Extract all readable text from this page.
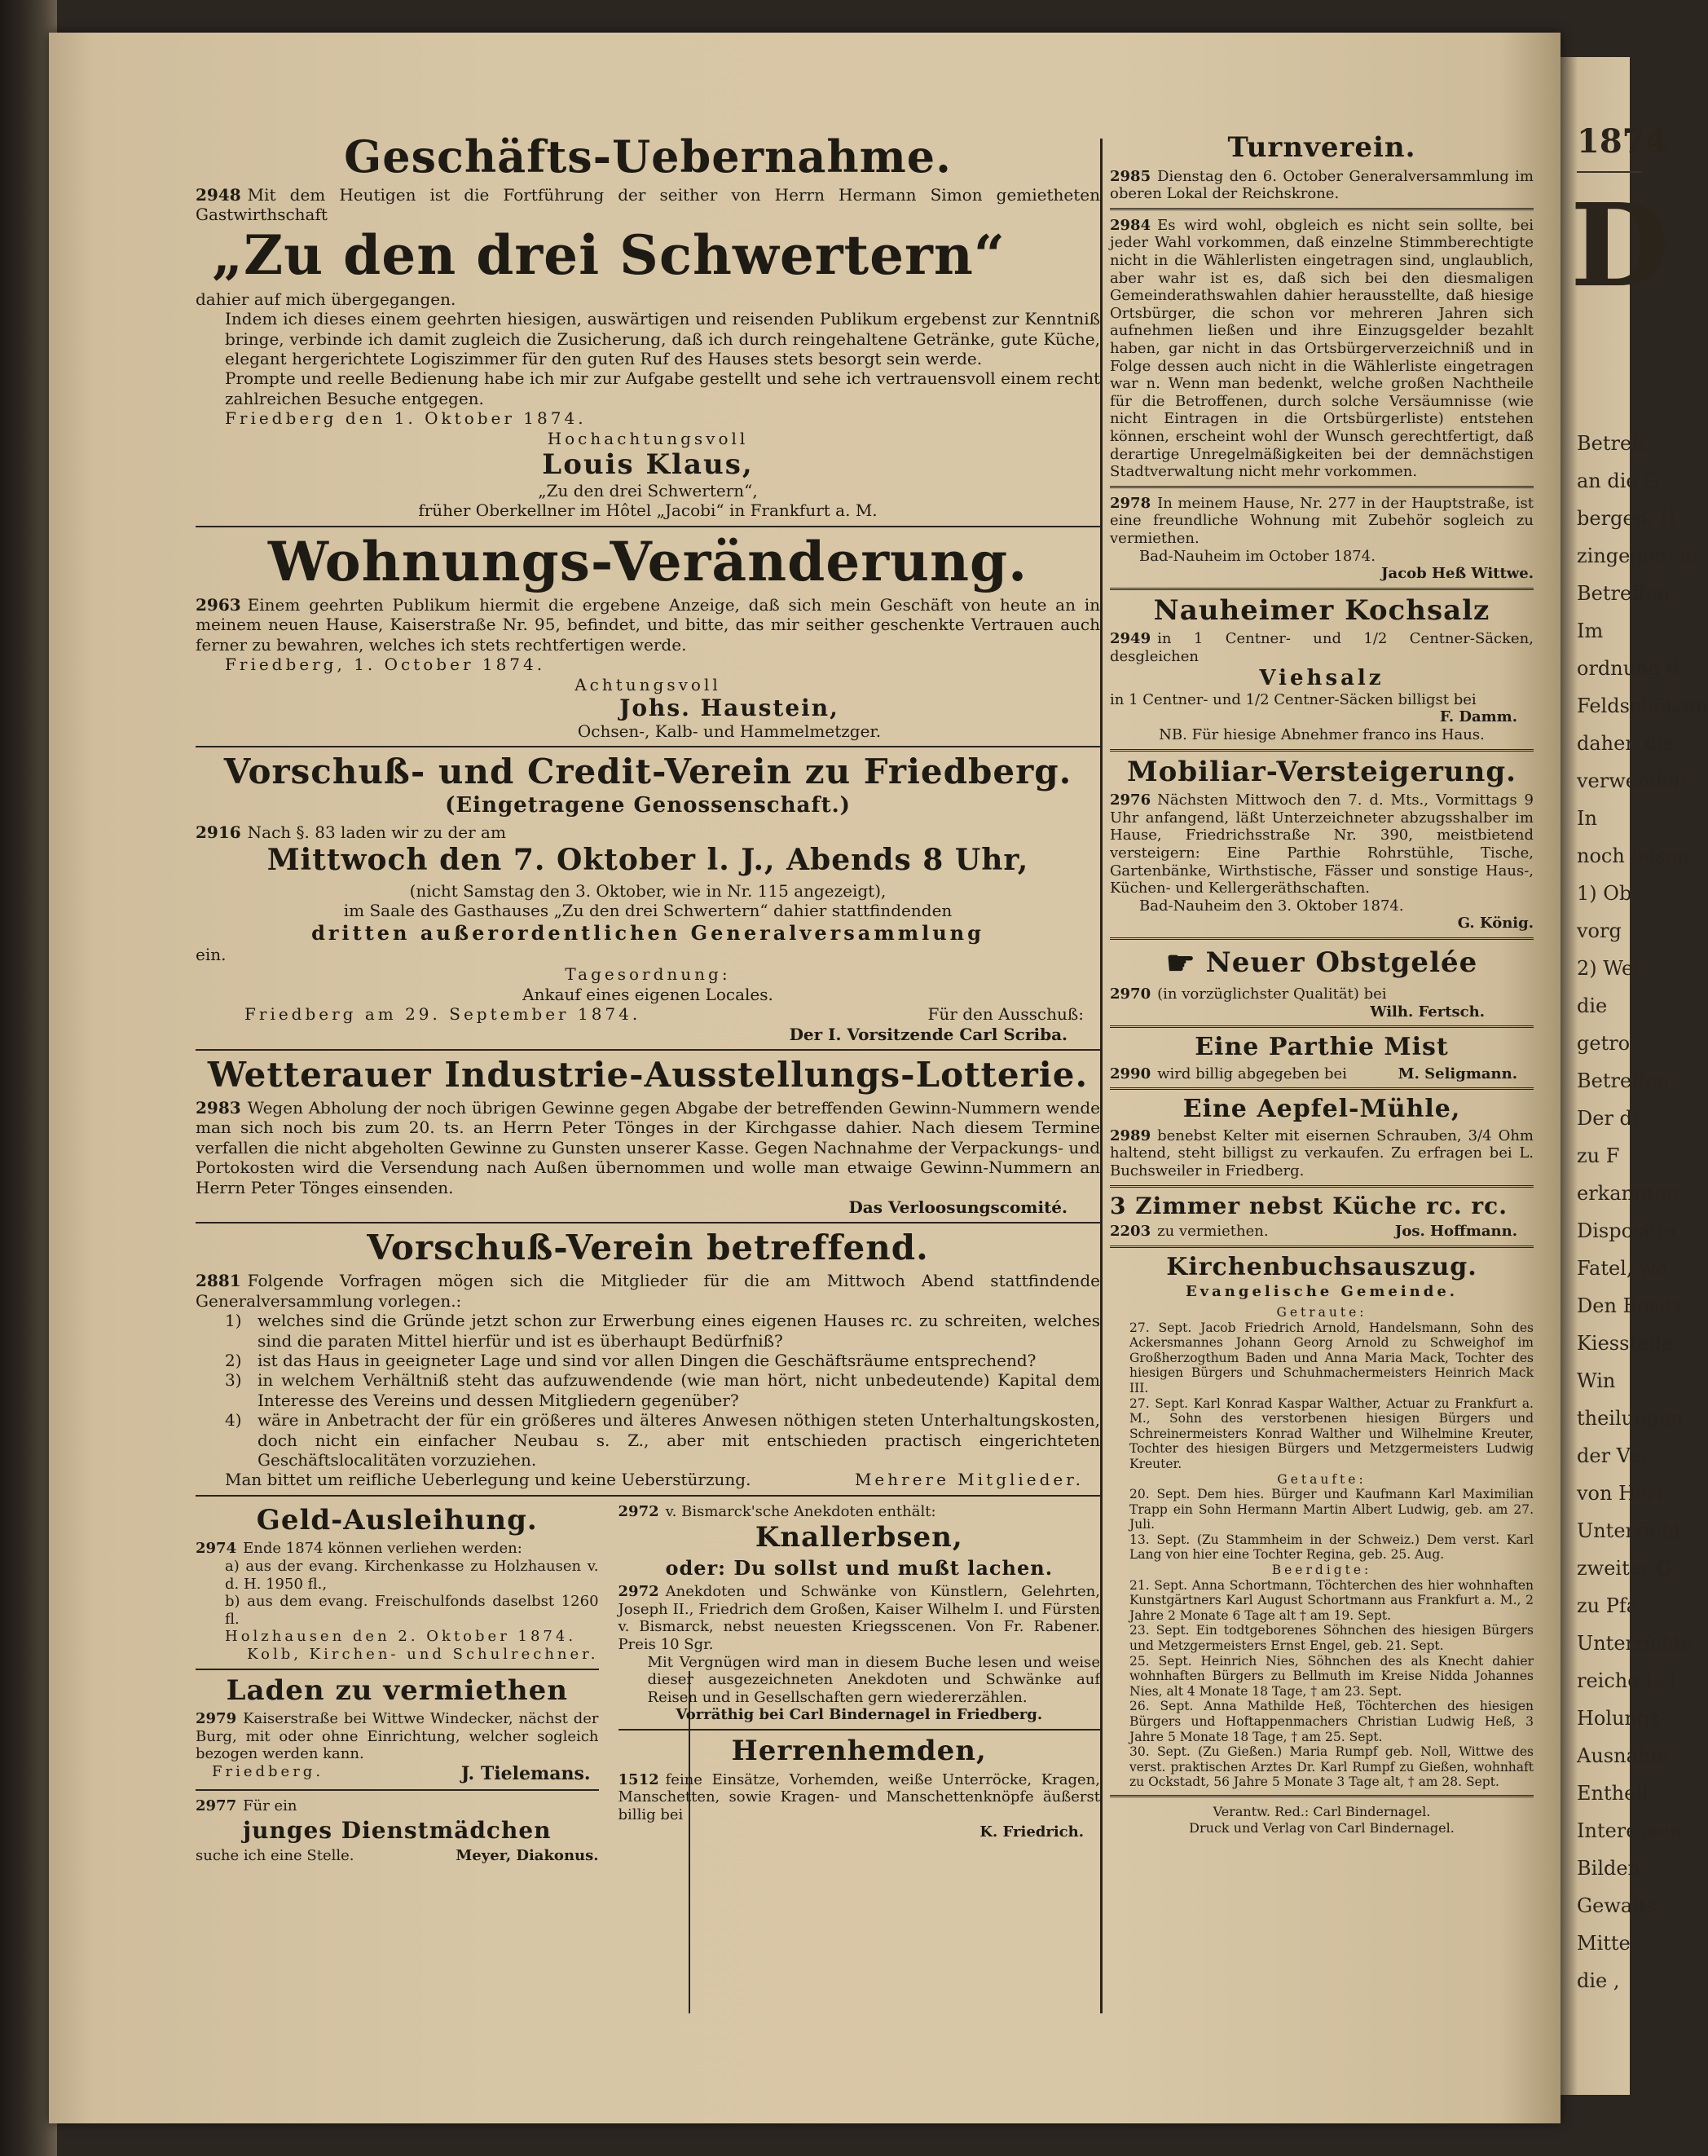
1874
D
Betreff
an die G
bergen, H
zingegen, m
Betreffen
Im
ordnung d
Feldschützen
daher, die
verwenden
In
noch beson
1) Ob
vorg
2) Wel
die
getro
Betreffen
Der di
zu F
erkannten
Dispositio
Fatel, we
Den Besitz
Kiessteile
Win
theilungen
der Ver
von Herr
Unterricht
zweiter G
zu Pfa
Unterrichts
reiche Lei
Holungs-
Ausnahm
Entheil
Interessen
Bilden
Gewalts
Mitte
die ,
Geschäfts-Uebernahme.

2948 Mit dem Heutigen ist die Fortführung der seither von Herrn Hermann Simon gemietheten Gastwirthschaft

„Zu den drei Schwertern“

dahier auf mich übergegangen.

Indem ich dieses einem geehrten hiesigen, auswärtigen und reisenden Publikum ergebenst zur Kenntniß bringe, verbinde ich damit zugleich die Zusicherung, daß ich durch reingehaltene Getränke, gute Küche, elegant hergerichtete Logiszimmer für den guten Ruf des Hauses stets besorgt sein werde.

Prompte und reelle Bedienung habe ich mir zur Aufgabe gestellt und sehe ich vertrauensvoll einem recht zahlreichen Besuche entgegen.

Friedberg den 1. Oktober 1874.

Hochachtungsvoll

Louis Klaus,

„Zu den drei Schwertern“,

früher Oberkellner im Hôtel „Jacobi“ in Frankfurt a. M.

Wohnungs-Veränderung.

2963 Einem geehrten Publikum hiermit die ergebene Anzeige, daß sich mein Geschäft von heute an in meinem neuen Hause, Kaiserstraße Nr. 95, befindet, und bitte, das mir seither geschenkte Vertrauen auch ferner zu bewahren, welches ich stets rechtfertigen werde.

Friedberg, 1. October 1874.

Achtungsvoll

Johs. Haustein,
Ochsen-, Kalb- und Hammelmetzger.
Vorschuß- und Credit-Verein zu Friedberg.
(Eingetragene Genossenschaft.)

2916 Nach §. 83 laden wir zu der am

Mittwoch den 7. Oktober l. J., Abends 8 Uhr,

(nicht Samstag den 3. Oktober, wie in Nr. 115 angezeigt),

im Saale des Gasthauses „Zu den drei Schwertern“ dahier stattfindenden

dritten außerordentlichen Generalversammlung

ein.

Tagesordnung:

Ankauf eines eigenen Locales.

Friedberg am 29. September 1874.	Für den Ausschuß:

Der I. Vorsitzende Carl Scriba.

Wetterauer Industrie-Ausstellungs-Lotterie.

2983 Wegen Abholung der noch übrigen Gewinne gegen Abgabe der betreffenden Gewinn-Nummern wende man sich noch bis zum 20. ts. an Herrn Peter Tönges in der Kirchgasse dahier. Nach diesem Termine verfallen die nicht abgeholten Gewinne zu Gunsten unserer Kasse. Gegen Nachnahme der Verpackungs- und Portokosten wird die Versendung nach Außen übernommen und wolle man etwaige Gewinn-Nummern an Herrn Peter Tönges einsenden.

Das Verloosungscomité.

Vorschuß-Verein betreffend.

2881 Folgende Vorfragen mögen sich die Mitglieder für die am Mittwoch Abend stattfindende Generalversammlung vorlegen.:

1) welches sind die Gründe jetzt schon zur Erwerbung eines eigenen Hauses rc. zu schreiten, welches sind die paraten Mittel hierfür und ist es überhaupt Bedürfniß?
2) ist das Haus in geeigneter Lage und sind vor allen Dingen die Geschäftsräume entsprechend?
3) in welchem Verhältniß steht das aufzuwendende (wie man hört, nicht unbedeutende) Kapital dem Interesse des Vereins und dessen Mitgliedern gegenüber?
4) wäre in Anbetracht der für ein größeres und älteres Anwesen nöthigen steten Unterhaltungskosten, doch nicht ein einfacher Neubau s. Z., aber mit entschieden practisch eingerichteten Geschäftslocalitäten vorzuziehen.

Man bittet um reifliche Ueberlegung und keine Ueberstürzung.	Mehrere Mitglieder.

Geld-Ausleihung.

2974 Ende 1874 können verliehen werden:

a) aus der evang. Kirchenkasse zu Holzhausen v. d. H. 1950 fl.,

b) aus dem evang. Freischulfonds daselbst 1260 fl.

Holzhausen den 2. Oktober 1874.

Kolb, Kirchen- und Schulrechner.

Laden zu vermiethen

2979 Kaiserstraße bei Wittwe Windecker, nächst der Burg, mit oder ohne Einrichtung, welcher sogleich bezogen werden kann.

Friedberg.	J. Tielemans.

2977 Für ein

junges Dienstmädchen
suche ich eine Stelle.	Meyer, Diakonus.

2972 v. Bismarck'sche Anekdoten enthält:

Knallerbsen,
oder: Du sollst und mußt lachen.

2972 Anekdoten und Schwänke von Künstlern, Gelehrten, Joseph II., Friedrich dem Großen, Kaiser Wilhelm I. und Fürsten v. Bismarck, nebst neuesten Kriegsscenen. Von Fr. Rabener. Preis 10 Sgr.

Mit Vergnügen wird man in diesem Buche lesen und weise dieser ausgezeichneten Anekdoten und Schwänke auf Reisen und in Gesellschaften gern wiedererzählen.

Vorräthig bei Carl Bindernagel in Friedberg.

Herrenhemden,

1512 feine Einsätze, Vorhemden, weiße Unterröcke, Kragen, Manschetten, sowie Kragen- und Manschettenknöpfe äußerst billig bei

K. Friedrich.

Turnverein.

2985 Dienstag den 6. October Generalversammlung im oberen Lokal der Reichskrone.

2984 Es wird wohl, obgleich es nicht sein sollte, bei jeder Wahl vorkommen, daß einzelne Stimmberechtigte nicht in die Wählerlisten eingetragen sind, unglaublich, aber wahr ist es, daß sich bei den diesmaligen Gemeinderathswahlen dahier herausstellte, daß hiesige Ortsbürger, die schon vor mehreren Jahren sich aufnehmen ließen und ihre Einzugsgelder bezahlt haben, gar nicht in das Ortsbürgerverzeichniß und in Folge dessen auch nicht in die Wählerliste eingetragen war n. Wenn man bedenkt, welche großen Nachtheile für die Betroffenen, durch solche Versäumnisse (wie nicht Eintragen in die Ortsbürgerliste) entstehen können, erscheint wohl der Wunsch gerechtfertigt, daß derartige Unregelmäßigkeiten bei der demnächstigen Stadtverwaltung nicht mehr vorkommen.

2978 In meinem Hause, Nr. 277 in der Hauptstraße, ist eine freundliche Wohnung mit Zubehör sogleich zu vermiethen.

Bad-Nauheim im October 1874.

Jacob Heß Wittwe.

Nauheimer Kochsalz

2949 in 1 Centner- und 1/2 Centner-Säcken, desgleichen

Viehsalz

in 1 Centner- und 1/2 Centner-Säcken billigst bei

F. Damm.

NB. Für hiesige Abnehmer franco ins Haus.

Mobiliar-Versteigerung.

2976 Nächsten Mittwoch den 7. d. Mts., Vormittags 9 Uhr anfangend, läßt Unterzeichneter abzugsshalber im Hause, Friedrichsstraße Nr. 390, meistbietend versteigern: Eine Parthie Rohrstühle, Tische, Gartenbänke, Wirthstische, Fässer und sonstige Haus-, Küchen- und Kellergeräthschaften.

Bad-Nauheim den 3. Oktober 1874.

G. König.

☛ Neuer Obstgelée

2970 (in vorzüglichster Qualität) bei

Wilh. Fertsch.

Eine Parthie Mist

2990 wird billig abgegeben bei	M. Seligmann.

Eine Aepfel-Mühle,

2989 benebst Kelter mit eisernen Schrauben, 3/4 Ohm haltend, steht billigst zu verkaufen. Zu erfragen bei L. Buchsweiler in Friedberg.

3 Zimmer nebst Küche rc. rc.

2203 zu vermiethen.	Jos. Hoffmann.

Kirchenbuchsauszug.
Evangelische Gemeinde.

Getraute:

27. Sept. Jacob Friedrich Arnold, Handelsmann, Sohn des Ackersmannes Johann Georg Arnold zu Schweighof im Großherzogthum Baden und Anna Maria Mack, Tochter des hiesigen Bürgers und Schuhmachermeisters Heinrich Mack III.

27. Sept. Karl Konrad Kaspar Walther, Actuar zu Frankfurt a. M., Sohn des verstorbenen hiesigen Bürgers und Schreinermeisters Konrad Walther und Wilhelmine Kreuter, Tochter des hiesigen Bürgers und Metzgermeisters Ludwig Kreuter.

Getaufte:

20. Sept. Dem hies. Bürger und Kaufmann Karl Maximilian Trapp ein Sohn Hermann Martin Albert Ludwig, geb. am 27. Juli.

13. Sept. (Zu Stammheim in der Schweiz.) Dem verst. Karl Lang von hier eine Tochter Regina, geb. 25. Aug.

Beerdigte:

21. Sept. Anna Schortmann, Töchterchen des hier wohnhaften Kunstgärtners Karl August Schortmann aus Frankfurt a. M., 2 Jahre 2 Monate 6 Tage alt † am 19. Sept.

23. Sept. Ein todtgeborenes Söhnchen des hiesigen Bürgers und Metzgermeisters Ernst Engel, geb. 21. Sept.

25. Sept. Heinrich Nies, Söhnchen des als Knecht dahier wohnhaften Bürgers zu Bellmuth im Kreise Nidda Johannes Nies, alt 4 Monate 18 Tage, † am 23. Sept.

26. Sept. Anna Mathilde Heß, Töchterchen des hiesigen Bürgers und Hoftappenmachers Christian Ludwig Heß, 3 Jahre 5 Monate 18 Tage, † am 25. Sept.

30. Sept. (Zu Gießen.) Maria Rumpf geb. Noll, Wittwe des verst. praktischen Arztes Dr. Karl Rumpf zu Gießen, wohnhaft zu Ockstadt, 56 Jahre 5 Monate 3 Tage alt, † am 28. Sept.

Verantw. Red.: Carl Bindernagel.

Druck und Verlag von Carl Bindernagel.
